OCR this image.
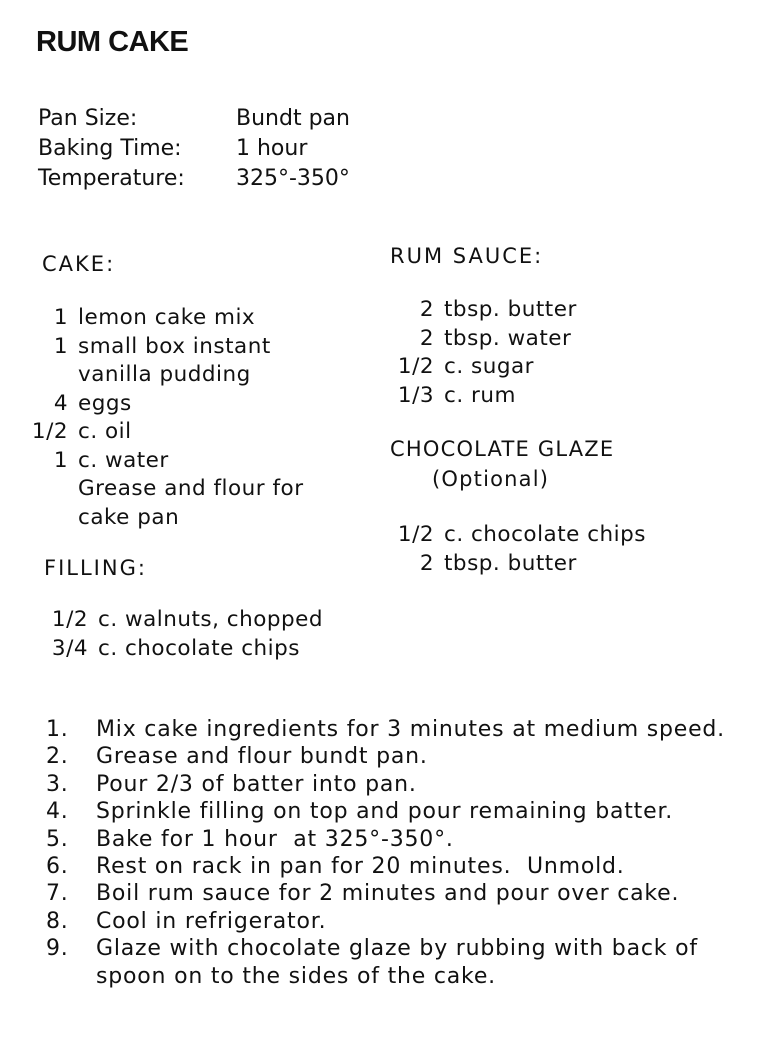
RUM CAKE
Pan Size:	Bundt pan
Baking Time:	1 hour
Temperature:	325°-350°
CAKE:
1 lemon cake mix
1 small box instant vanilla pudding
4 eggs
1/2 c. oil
1 c. water
Grease and flour for cake pan
FILLING:
1/2 c. walnuts, chopped
3/4 c. chocolate chips
RUM SAUCE:
2 tbsp. butter
2 tbsp. water
1/2 c. sugar
1/3 c. rum
CHOCOLATE GLAZE
(Optional)
1/2 c. chocolate chips
2 tbsp. butter
1.	Mix cake ingredients for 3 minutes at medium speed.
2.	Grease and flour bundt pan.
3.	Pour 2/3 of batter into pan.
4.	Sprinkle filling on top and pour remaining batter.
5.	Bake for 1 hour  at 325°-350°.
6.	Rest on rack in pan for 20 minutes.  Unmold.
7.	Boil rum sauce for 2 minutes and pour over cake.
8.	Cool in refrigerator.
9.	Glaze with chocolate glaze by rubbing with back of spoon on to the sides of the cake.
